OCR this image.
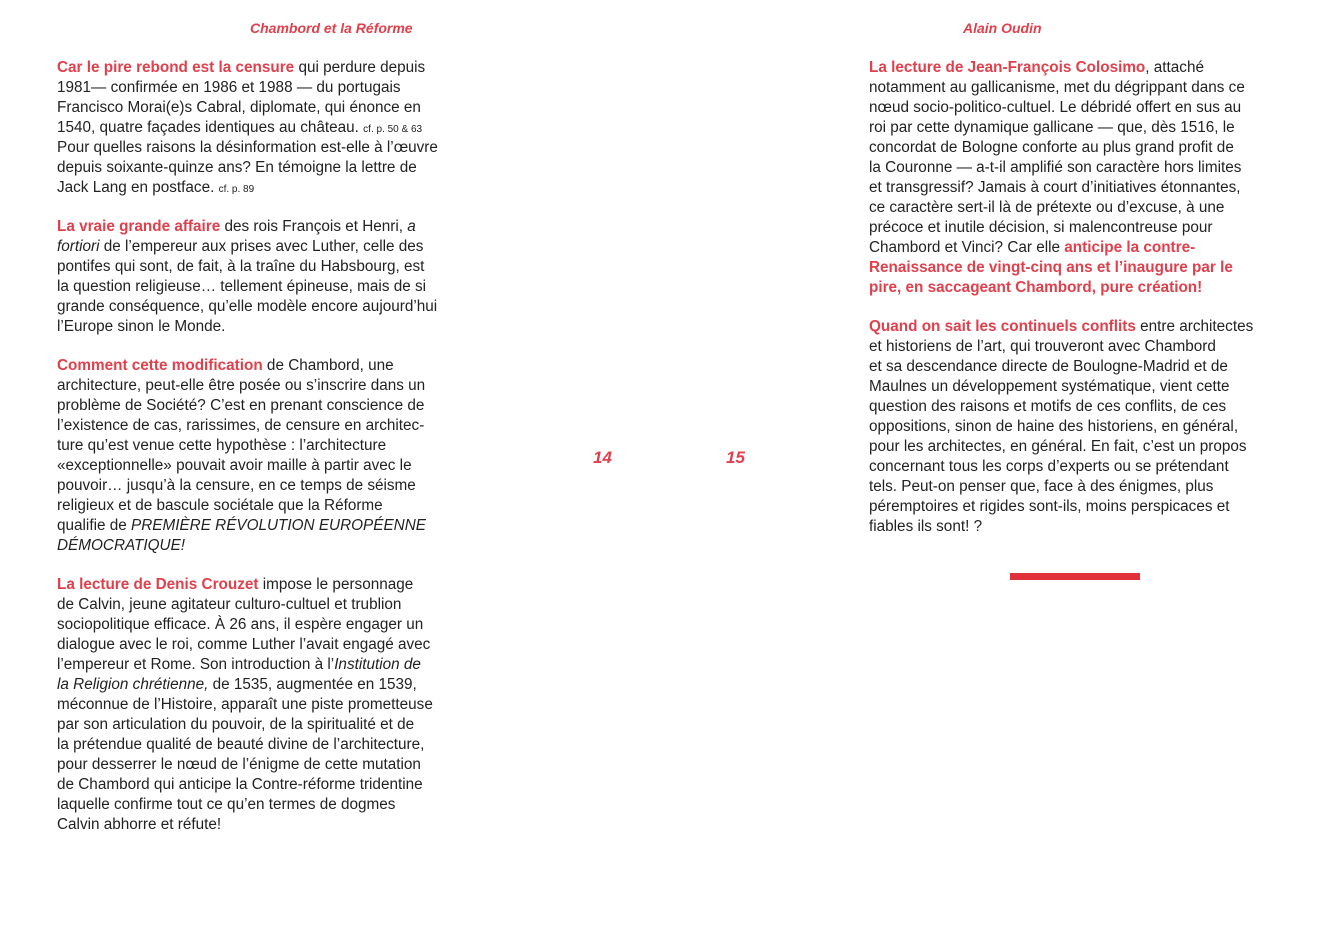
Chambord et la Réforme	Alain Oudin
Car le pire rebond est la censure qui perdure depuis
1981— confirmée en 1986 et 1988 — du portugais
Francisco Morai(e)s Cabral, diplomate, qui énonce en
1540, quatre façades identiques au château. cf. p. 50 & 63
Pour quelles raisons la désinformation est-elle à l’œuvre
depuis soixante-quinze ans? En témoigne la lettre de
Jack Lang en postface. cf. p. 89
La vraie grande affaire des rois François et Henri, a
fortiori de l’empereur aux prises avec Luther, celle des
pontifes qui sont, de fait, à la traîne du Habsbourg, est
la question religieuse… tellement épineuse, mais de si
grande conséquence, qu’elle modèle encore aujourd’hui
l’Europe sinon le Monde.
Comment cette modification de Chambord, une
architecture, peut-elle être posée ou s’inscrire dans un
problème de Société? C’est en prenant conscience de
l’existence de cas, rarissimes, de censure en architec-
ture qu’est venue cette hypothèse : l’architecture
«exceptionnelle» pouvait avoir maille à partir avec le
pouvoir… jusqu’à la censure, en ce temps de séisme
religieux et de bascule sociétale que la Réforme
qualifie de PREMIÈRE RÉVOLUTION EUROPÉENNE
DÉMOCRATIQUE!
La lecture de Denis Crouzet impose le personnage
de Calvin, jeune agitateur culturo-cultuel et trublion
sociopolitique efficace. À 26 ans, il espère engager un
dialogue avec le roi, comme Luther l’avait engagé avec
l’empereur et Rome. Son introduction à l’Institution de
la Religion chrétienne, de 1535, augmentée en 1539,
méconnue de l’Histoire, apparaît une piste prometteuse
par son articulation du pouvoir, de la spiritualité et de
la prétendue qualité de beauté divine de l’architecture,
pour desserrer le nœud de l’énigme de cette mutation
de Chambord qui anticipe la Contre-réforme tridentine
laquelle confirme tout ce qu’en termes de dogmes
Calvin abhorre et réfute!
La lecture de Jean-François Colosimo, attaché
notamment au gallicanisme, met du dégrippant dans ce
nœud socio-politico-cultuel. Le débridé offert en sus au
roi par cette dynamique gallicane — que, dès 1516, le
concordat de Bologne conforte au plus grand profit de
la Couronne — a-t-il amplifié son caractère hors limites
et transgressif? Jamais à court d’initiatives étonnantes,
ce caractère sert-il là de prétexte ou d’excuse, à une
précoce et inutile décision, si malencontreuse pour
Chambord et Vinci? Car elle anticipe la contre-
Renaissance de vingt-cinq ans et l’inaugure par le
pire, en saccageant Chambord, pure création!
Quand on sait les continuels conflits entre architectes
et historiens de l’art, qui trouveront avec Chambord
et sa descendance directe de Boulogne-Madrid et de
Maulnes un développement systématique, vient cette
question des raisons et motifs de ces conflits, de ces
oppositions, sinon de haine des historiens, en général,
pour les architectes, en général. En fait, c’est un propos
concernant tous les corps d’experts ou se prétendant
tels. Peut-on penser que, face à des énigmes, plus
péremptoires et rigides sont-ils, moins perspicaces et
fiables ils sont! ?
14	15
